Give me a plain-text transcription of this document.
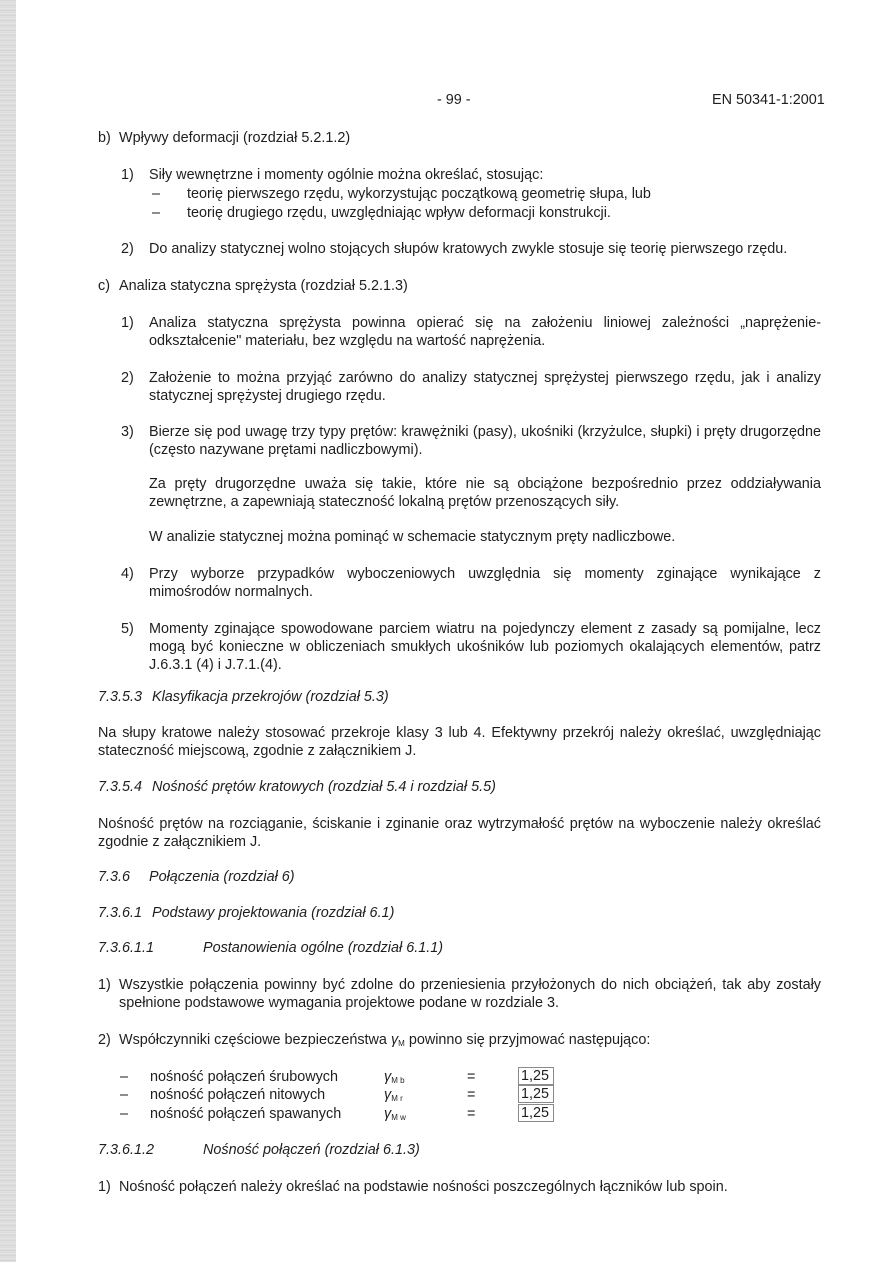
- 99 -	EN 50341-1:2001
b) Wpływy deformacji (rozdział 5.2.1.2)
1) Siły wewnętrzne i momenty ogólnie można określać, stosując:
– teorię pierwszego rzędu, wykorzystując początkową geometrię słupa, lub
– teorię drugiego rzędu, uwzględniając wpływ deformacji konstrukcji.
2) Do analizy statycznej wolno stojących słupów kratowych zwykle stosuje się teorię pierwszego rzędu.
c) Analiza statyczna sprężysta (rozdział 5.2.1.3)
1) Analiza statyczna sprężysta powinna opierać się na założeniu liniowej zależności „naprężenie-odkształcenie" materiału, bez względu na wartość naprężenia.
2) Założenie to można przyjąć zarówno do analizy statycznej sprężystej pierwszego rzędu, jak i analizy statycznej sprężystej drugiego rzędu.
3) Bierze się pod uwagę trzy typy prętów: krawężniki (pasy), ukośniki (krzyżulce, słupki) i pręty drugorzędne (często nazywane prętami nadliczbowymi).
Za pręty drugorzędne uważa się takie, które nie są obciążone bezpośrednio przez oddziaływania zewnętrzne, a zapewniają stateczność lokalną prętów przenoszących siły.
W analizie statycznej można pominąć w schemacie statycznym pręty nadliczbowe.
4) Przy wyborze przypadków wyboczeniowych uwzględnia się momenty zginające wynikające z mimośrodów normalnych.
5) Momenty zginające spowodowane parciem wiatru na pojedynczy element z zasady są pomijalne, lecz mogą być konieczne w obliczeniach smukłych ukośników lub poziomych okalających elementów, patrz J.6.3.1 (4) i J.7.1.(4).
7.3.5.3 Klasyfikacja przekrojów (rozdział 5.3)
Na słupy kratowe należy stosować przekroje klasy 3 lub 4. Efektywny przekrój należy określać, uwzględniając stateczność miejscową, zgodnie z załącznikiem J.
7.3.5.4 Nośność prętów kratowych (rozdział 5.4 i rozdział 5.5)
Nośność prętów na rozciąganie, ściskanie i zginanie oraz wytrzymałość prętów na wyboczenie należy określać zgodnie z załącznikiem J.
7.3.6 Połączenia (rozdział 6)
7.3.6.1 Podstawy projektowania (rozdział 6.1)
7.3.6.1.1	Postanowienia ogólne (rozdział 6.1.1)
1) Wszystkie połączenia powinny być zdolne do przeniesienia przyłożonych do nich obciążeń, tak aby zostały spełnione podstawowe wymagania projektowe podane w rozdziale 3.
2) Współczynniki częściowe bezpieczeństwa $\gamma_M$ powinno się przyjmować następująco:
– nośność połączeń śrubowych	$\gamma_{M b}$	=	1,25
– nośność połączeń nitowych	$\gamma_{M r}$	=	1,25
– nośność połączeń spawanych	$\gamma_{M w}$	=	1,25
7.3.6.1.2	Nośność połączeń (rozdział 6.1.3)
1) Nośność połączeń należy określać na podstawie nośności poszczególnych łączników lub spoin.
